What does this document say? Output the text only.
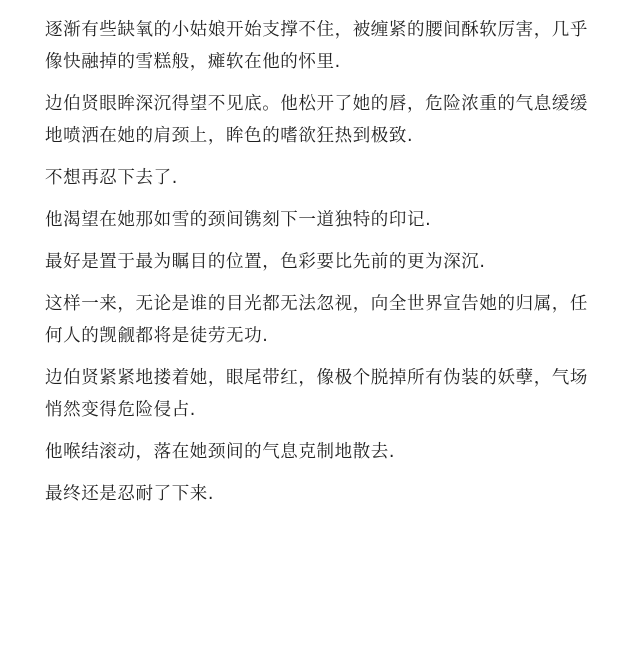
逐渐有些缺氧的小姑娘开始支撑不住，被缠紧的腰间酥软厉害，几乎像快融掉的雪糕般，瘫软在他的怀里.

边伯贤眼眸深沉得望不见底。他松开了她的唇，危险浓重的气息缓缓地喷洒在她的肩颈上，眸色的嗜欲狂热到极致.

不想再忍下去了.

他渴望在她那如雪的颈间镌刻下一道独特的印记.

最好是置于最为瞩目的位置，色彩要比先前的更为深沉.

这样一来，无论是谁的目光都无法忽视，向全世界宣告她的归属，任何人的觊觎都将是徒劳无功.

边伯贤紧紧地搂着她，眼尾带红，像极个脱掉所有伪装的妖孽，气场悄然变得危险侵占.

他喉结滚动，落在她颈间的气息克制地散去.

最终还是忍耐了下来.
